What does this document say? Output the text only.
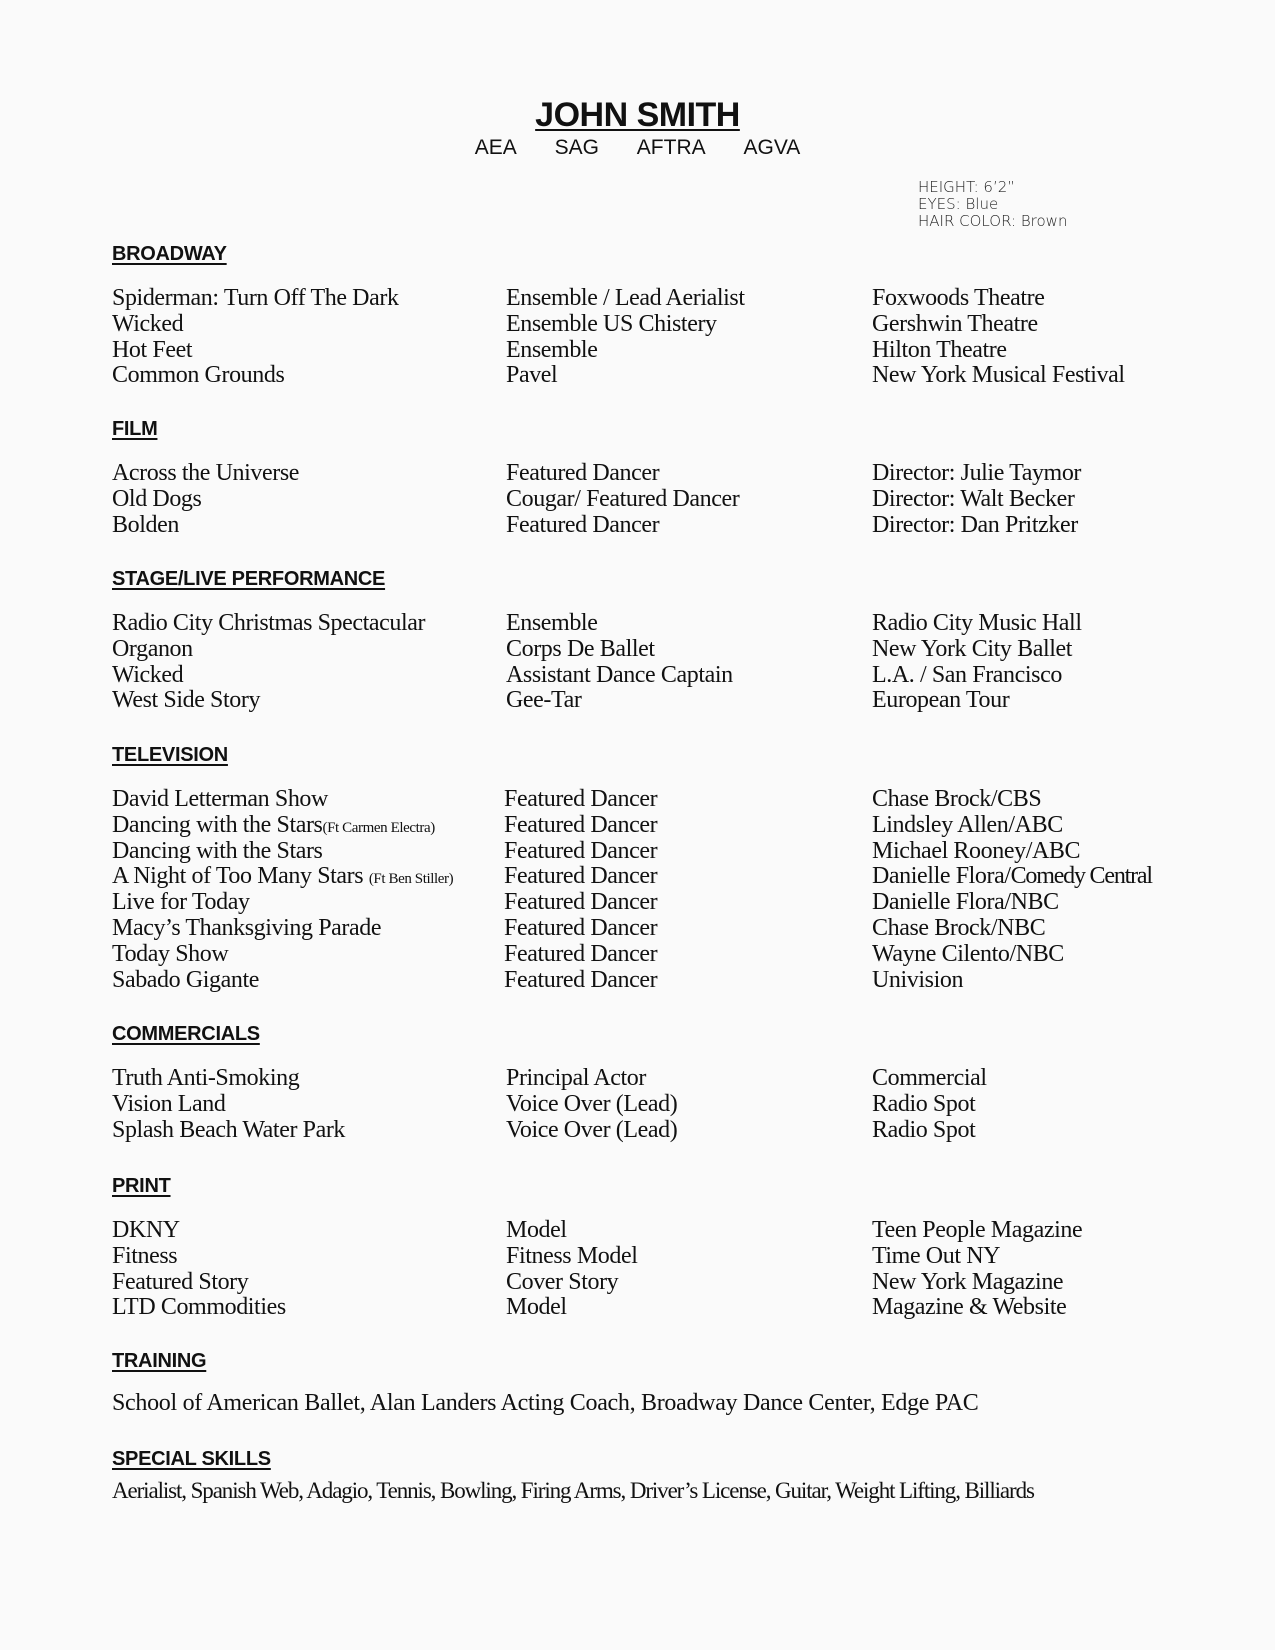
JOHN SMITH
AEA SAG AFTRA AGVA
HEIGHT: 6’2”
EYES: Blue
HAIR COLOR: Brown
BROADWAY
Spiderman: Turn Off The Dark	Ensemble / Lead Aerialist	Foxwoods Theatre
Wicked	Ensemble US Chistery	Gershwin Theatre
Hot Feet	Ensemble	Hilton Theatre
Common Grounds	Pavel	New York Musical Festival
FILM
Across the Universe	Featured Dancer	Director: Julie Taymor
Old Dogs	Cougar/ Featured Dancer	Director: Walt Becker
Bolden	Featured Dancer	Director: Dan Pritzker
STAGE/LIVE PERFORMANCE
Radio City Christmas Spectacular	Ensemble	Radio City Music Hall
Organon	Corps De Ballet	New York City Ballet
Wicked	Assistant Dance Captain	L.A. / San Francisco
West Side Story	Gee-Tar	European Tour
TELEVISION
David Letterman Show	Featured Dancer	Chase Brock/CBS
Dancing with the Stars(Ft Carmen Electra)	Featured Dancer	Lindsley Allen/ABC
Dancing with the Stars	Featured Dancer	Michael Rooney/ABC
A Night of Too Many Stars (Ft Ben Stiller) Featured Dancer	Danielle Flora/Comedy Central
Live for Today	Featured Dancer	Danielle Flora/NBC
Macy’s Thanksgiving Parade	Featured Dancer	Chase Brock/NBC
Today Show	Featured Dancer	Wayne Cilento/NBC
Sabado Gigante	Featured Dancer	Univision
COMMERCIALS
Truth Anti-Smoking	Principal Actor	Commercial
Vision Land	Voice Over (Lead)	Radio Spot
Splash Beach Water Park	Voice Over (Lead)	Radio Spot
PRINT
DKNY	Model	Teen People Magazine
Fitness	Fitness Model	Time Out NY
Featured Story	Cover Story	New York Magazine
LTD Commodities	Model	Magazine & Website
TRAINING
School of American Ballet, Alan Landers Acting Coach, Broadway Dance Center, Edge PAC
SPECIAL SKILLS
Aerialist, Spanish Web, Adagio, Tennis, Bowling, Firing Arms, Driver’s License, Guitar, Weight Lifting, Billiards
